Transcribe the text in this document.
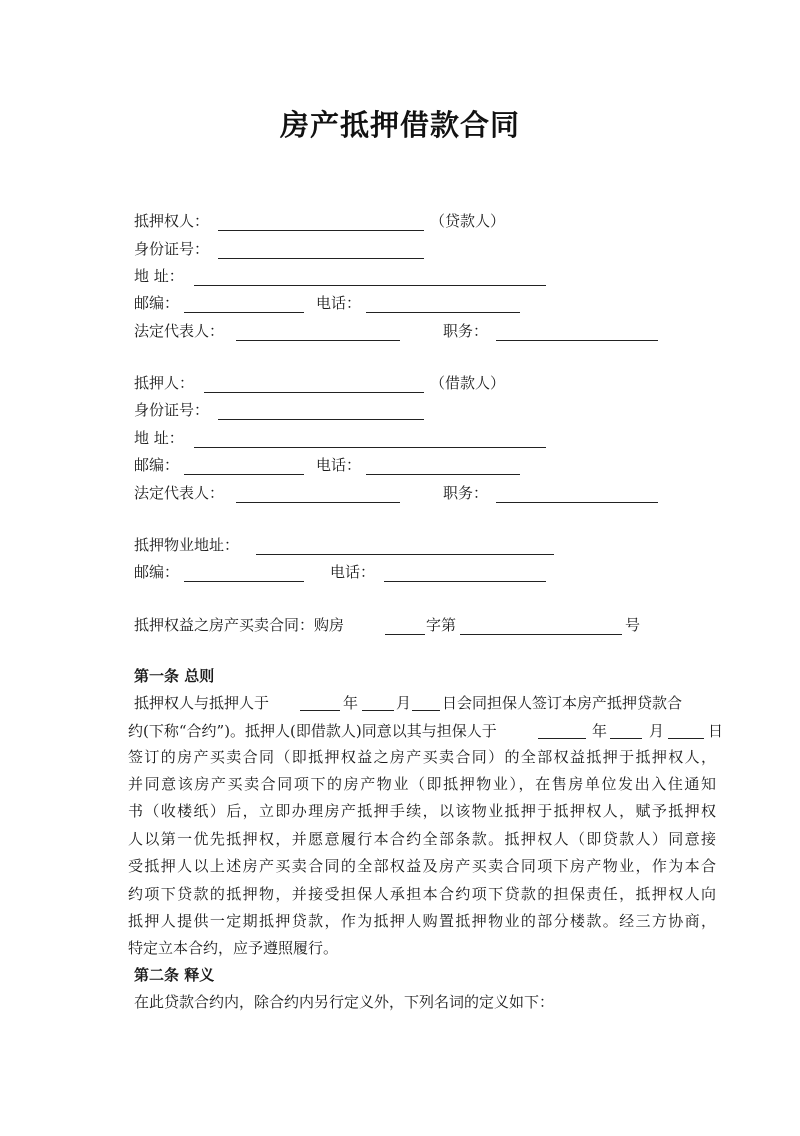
房产抵押借款合同
抵押权人：	（贷款人）
身份证号：
地 址：
邮编：	电话：
法定代表人：	职务：
抵押人：	（借款人）
身份证号：
地 址：
邮编：	电话：
法定代表人：	职务：
抵押物业地址：
邮编：	电话：
抵押权益之房产买卖合同：购房	字第	号
第一条 总则
抵押权人与抵押人于	年	月 日会同担保人签订本房产抵押贷款合
约(下称“合约”)。抵押人(即借款人)同意以其与担保人于	年	月	日
签订的房产买卖合同（即抵押权益之房产买卖合同）的全部权益抵押于抵押权人，
并同意该房产买卖合同项下的房产物业（即抵押物业），在售房单位发出入住通知
书（收楼纸）后，立即办理房产抵押手续，以该物业抵押于抵押权人，赋予抵押权
人以第一优先抵押权，并愿意履行本合约全部条款。抵押权人（即贷款人）同意接
受抵押人以上述房产买卖合同的全部权益及房产买卖合同项下房产物业，作为本合
约项下贷款的抵押物，并接受担保人承担本合约项下贷款的担保责任，抵押权人向
抵押人提供一定期抵押贷款，作为抵押人购置抵押物业的部分楼款。经三方协商，
特定立本合约，应予遵照履行。
第二条 释义
在此贷款合约内，除合约内另行定义外，下列名词的定义如下：
